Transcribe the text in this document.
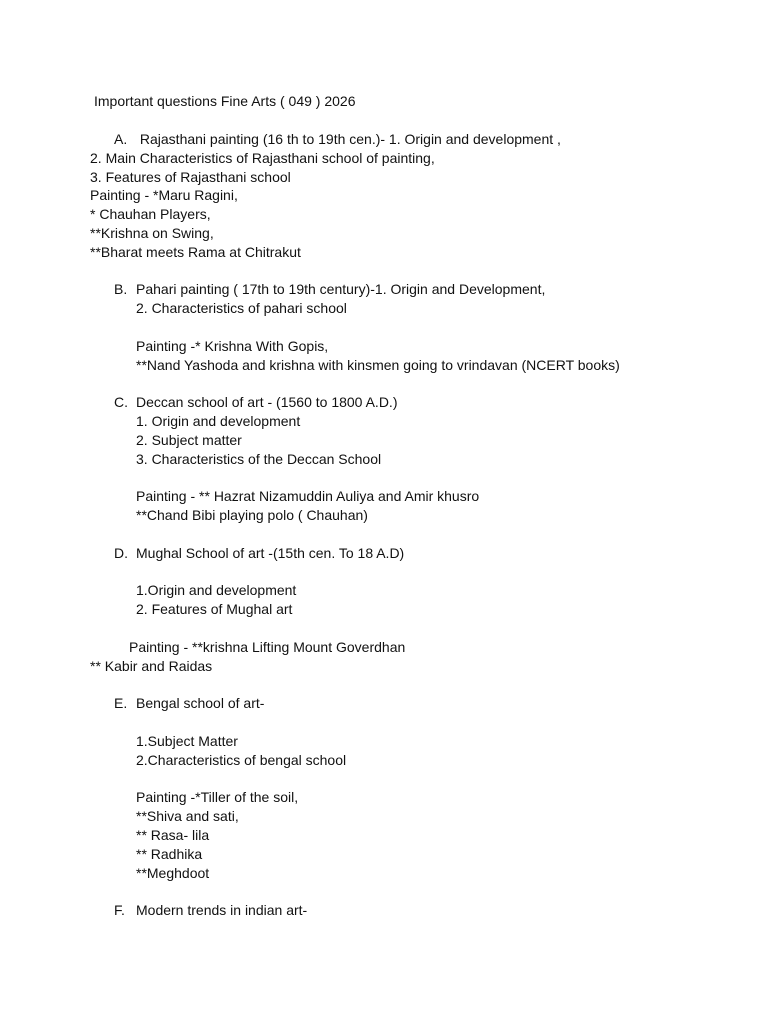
Important questions Fine Arts ( 049 ) 2026

A. Rajasthani painting (16 th to 19th cen.)- 1. Origin and development ,

2. Main Characteristics of Rajasthani school of painting,

3. Features of Rajasthani school

Painting - *Maru Ragini,

* Chauhan Players,

**Krishna on Swing,

**Bharat meets Rama at Chitrakut

B. Pahari painting ( 17th to 19th century)-1. Origin and Development,

2. Characteristics of pahari school

Painting -* Krishna With Gopis,

**Nand Yashoda and krishna with kinsmen going to vrindavan (NCERT books)

C. Deccan school of art - (1560 to 1800 A.D.)

1. Origin and development

2. Subject matter

3. Characteristics of the Deccan School

Painting - ** Hazrat Nizamuddin Auliya and Amir khusro

**Chand Bibi playing polo ( Chauhan)

D. Mughal School of art -(15th cen. To 18 A.D)

1.Origin and development

2. Features of Mughal art

Painting - **krishna Lifting Mount Goverdhan

** Kabir and Raidas

E. Bengal school of art-

1.Subject Matter

2.Characteristics of bengal school

Painting -*Tiller of the soil,

**Shiva and sati,

** Rasa- lila

** Radhika

**Meghdoot

F. Modern trends in indian art-
